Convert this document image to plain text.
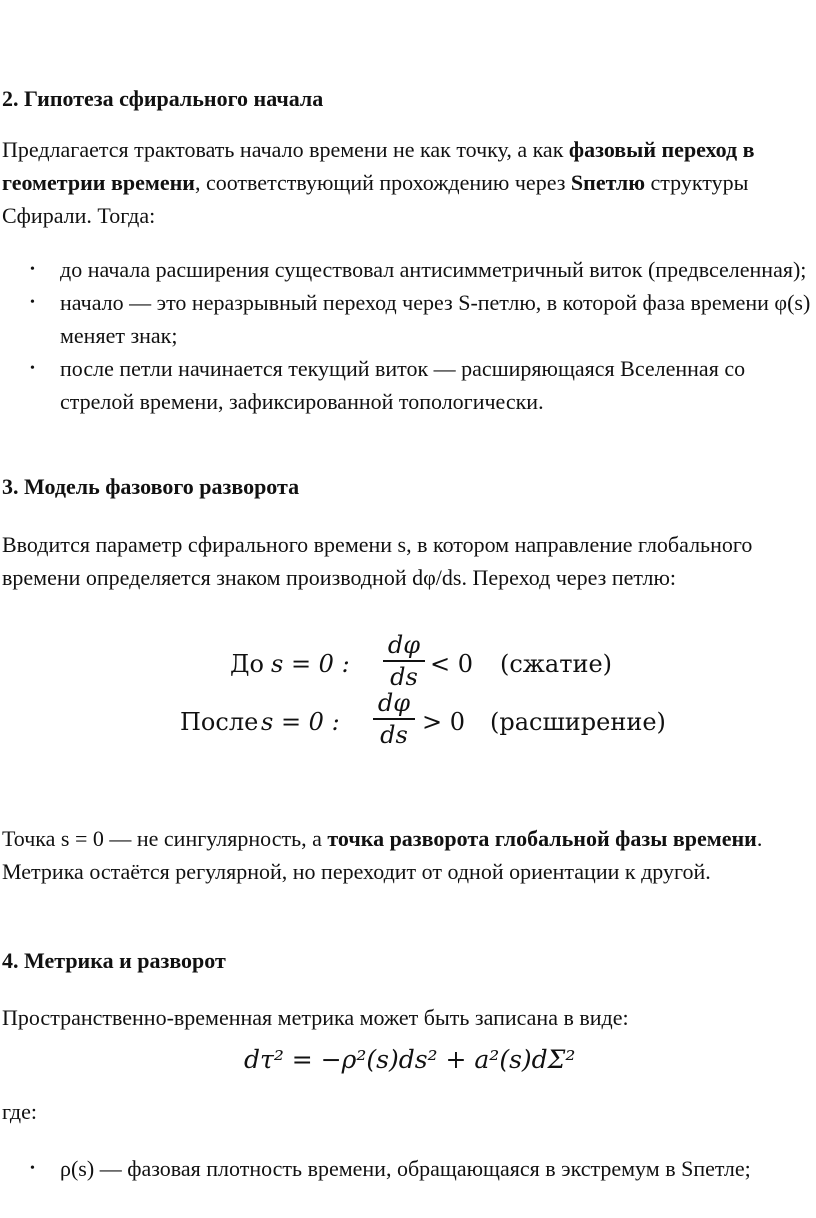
2. Гипотеза сфирального начала

Предлагается трактовать начало времени не как точку, а как фазовый переход в геометрии времени, соответствующий прохождению через Sпетлю структуры Сфирали. Тогда:

• до начала расширения существовал антисимметричный виток (предвселенная);
• начало — это неразрывный переход через S-петлю, в которой фаза времени φ(s) меняет знак;
• после петли начинается текущий виток — расширяющаяся Вселенная со стрелой времени, зафиксированной топологически.
3. Модель фазового разворота

Вводится параметр сфирального времени s, в котором направление глобального времени определяется знаком производной dφ/ds. Переход через петлю:

До s = 0 :
dφ
ds < 0 (сжатие)
После s = 0 :
dφ
ds > 0 (расширение)

Точка s = 0 — не сингулярность, а точка разворота глобальной фазы времени. Метрика остаётся регулярной, но переходит от одной ориентации к другой.

4. Метрика и разворот

Пространственно-временная метрика может быть записана в виде:

dτ² = −ρ²(s)ds² + a²(s)dΣ²

где:

• ρ(s) — фазовая плотность времени, обращающаяся в экстремум в Sпетле;
